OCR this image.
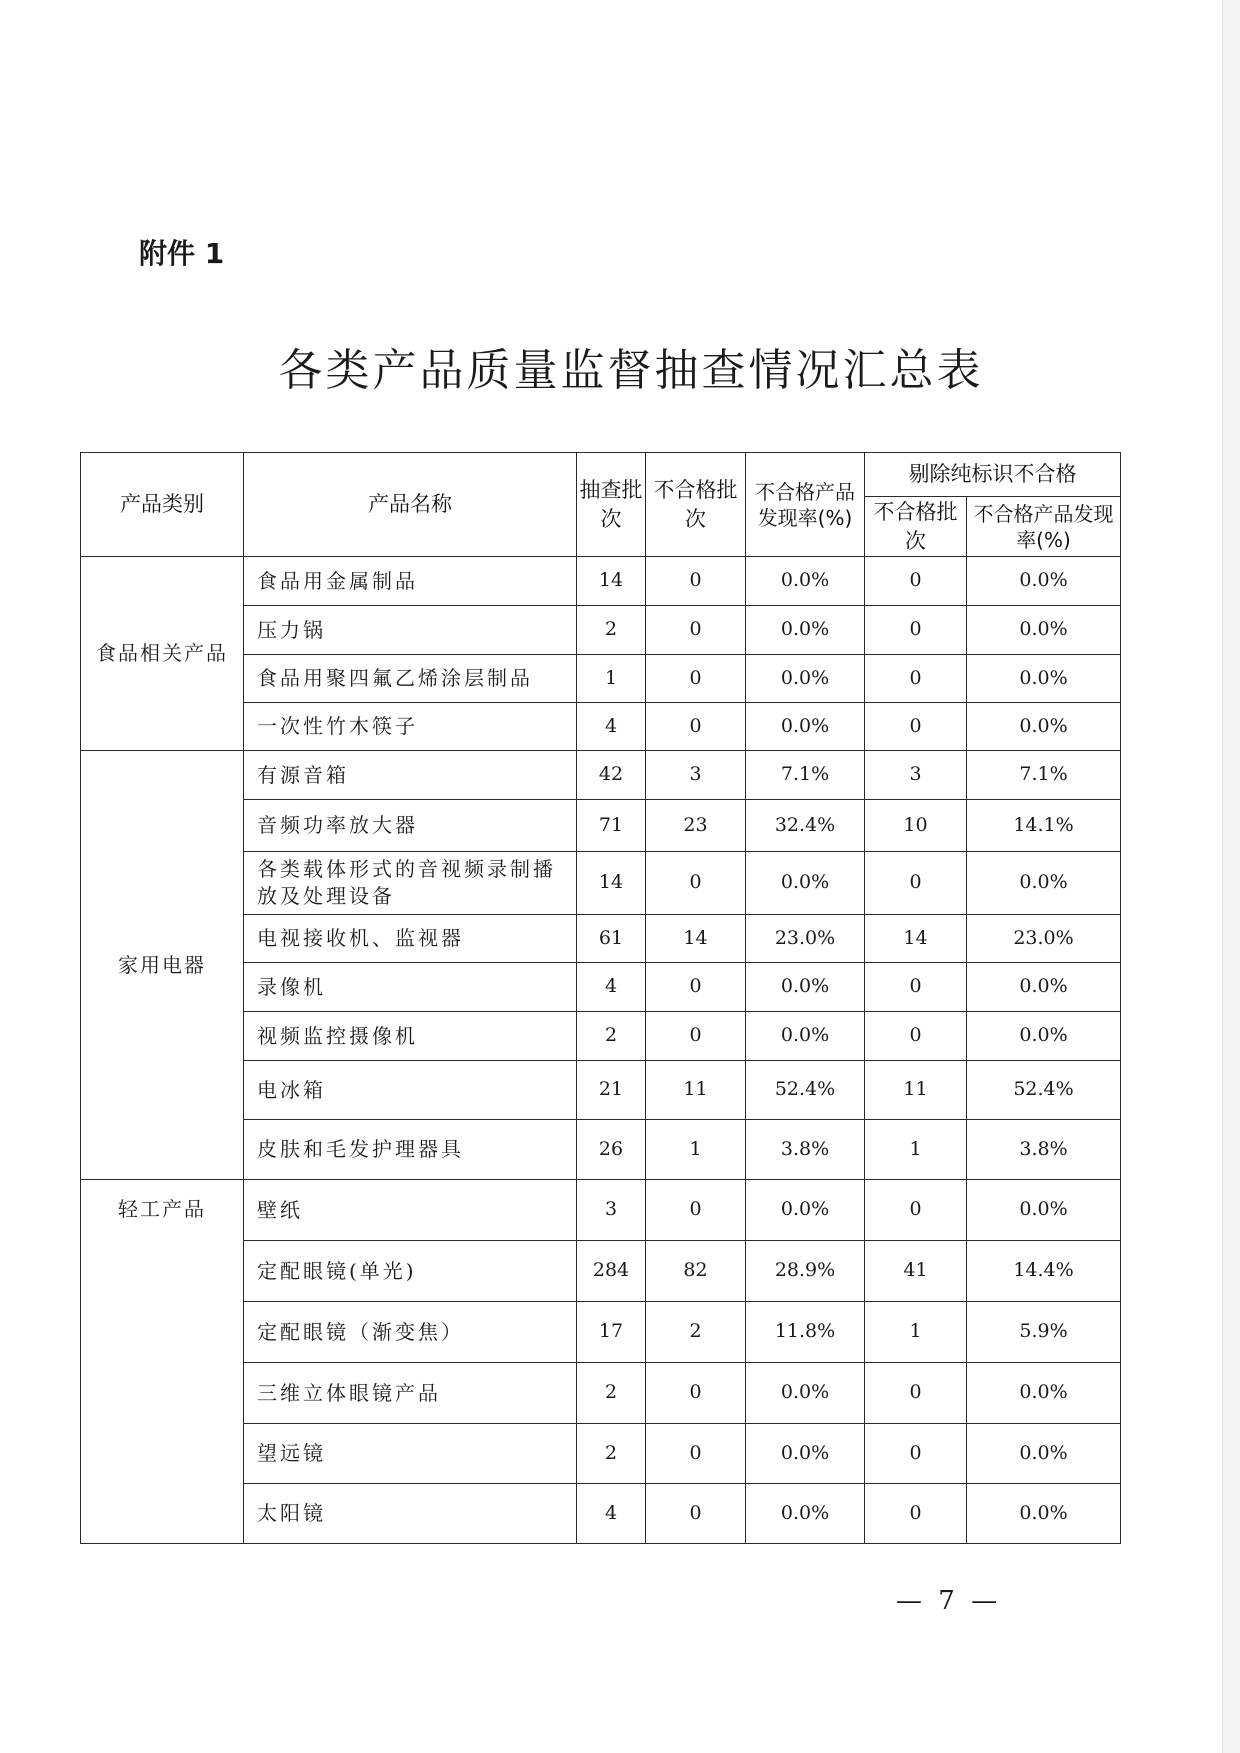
附件 1
各类产品质量监督抽查情况汇总表
产品类别	产品名称	抽查批次	不合格批次	不合格产品发现率(%)	剔除纯标识不合格	
					不合格批次	不合格产品发现率(%)
食品相关产品	食品用金属制品	14	0	0.0%	0	0.0%
	压力锅	2	0	0.0%	0	0.0%
	食品用聚四氟乙烯涂层制品	1	0	0.0%	0	0.0%
	一次性竹木筷子	4	0	0.0%	0	0.0%
家用电器	有源音箱	42	3	7.1%	3	7.1%
	音频功率放大器	71	23	32.4%	10	14.1%
	各类载体形式的音视频录制播放及处理设备	14	0	0.0%	0	0.0%
	电视接收机、监视器	61	14	23.0%	14	23.0%
	录像机	4	0	0.0%	0	0.0%
	视频监控摄像机	2	0	0.0%	0	0.0%
	电冰箱	21	11	52.4%	11	52.4%
	皮肤和毛发护理器具	26	1	3.8%	1	3.8%
轻工产品	壁纸	3	0	0.0%	0	0.0%
	定配眼镜(单光)	284	82	28.9%	41	14.4%
	定配眼镜（渐变焦）	17	2	11.8%	1	5.9%
	三维立体眼镜产品	2	0	0.0%	0	0.0%
	望远镜	2	0	0.0%	0	0.0%
	太阳镜	4	0	0.0%	0	0.0%
— 7 —
